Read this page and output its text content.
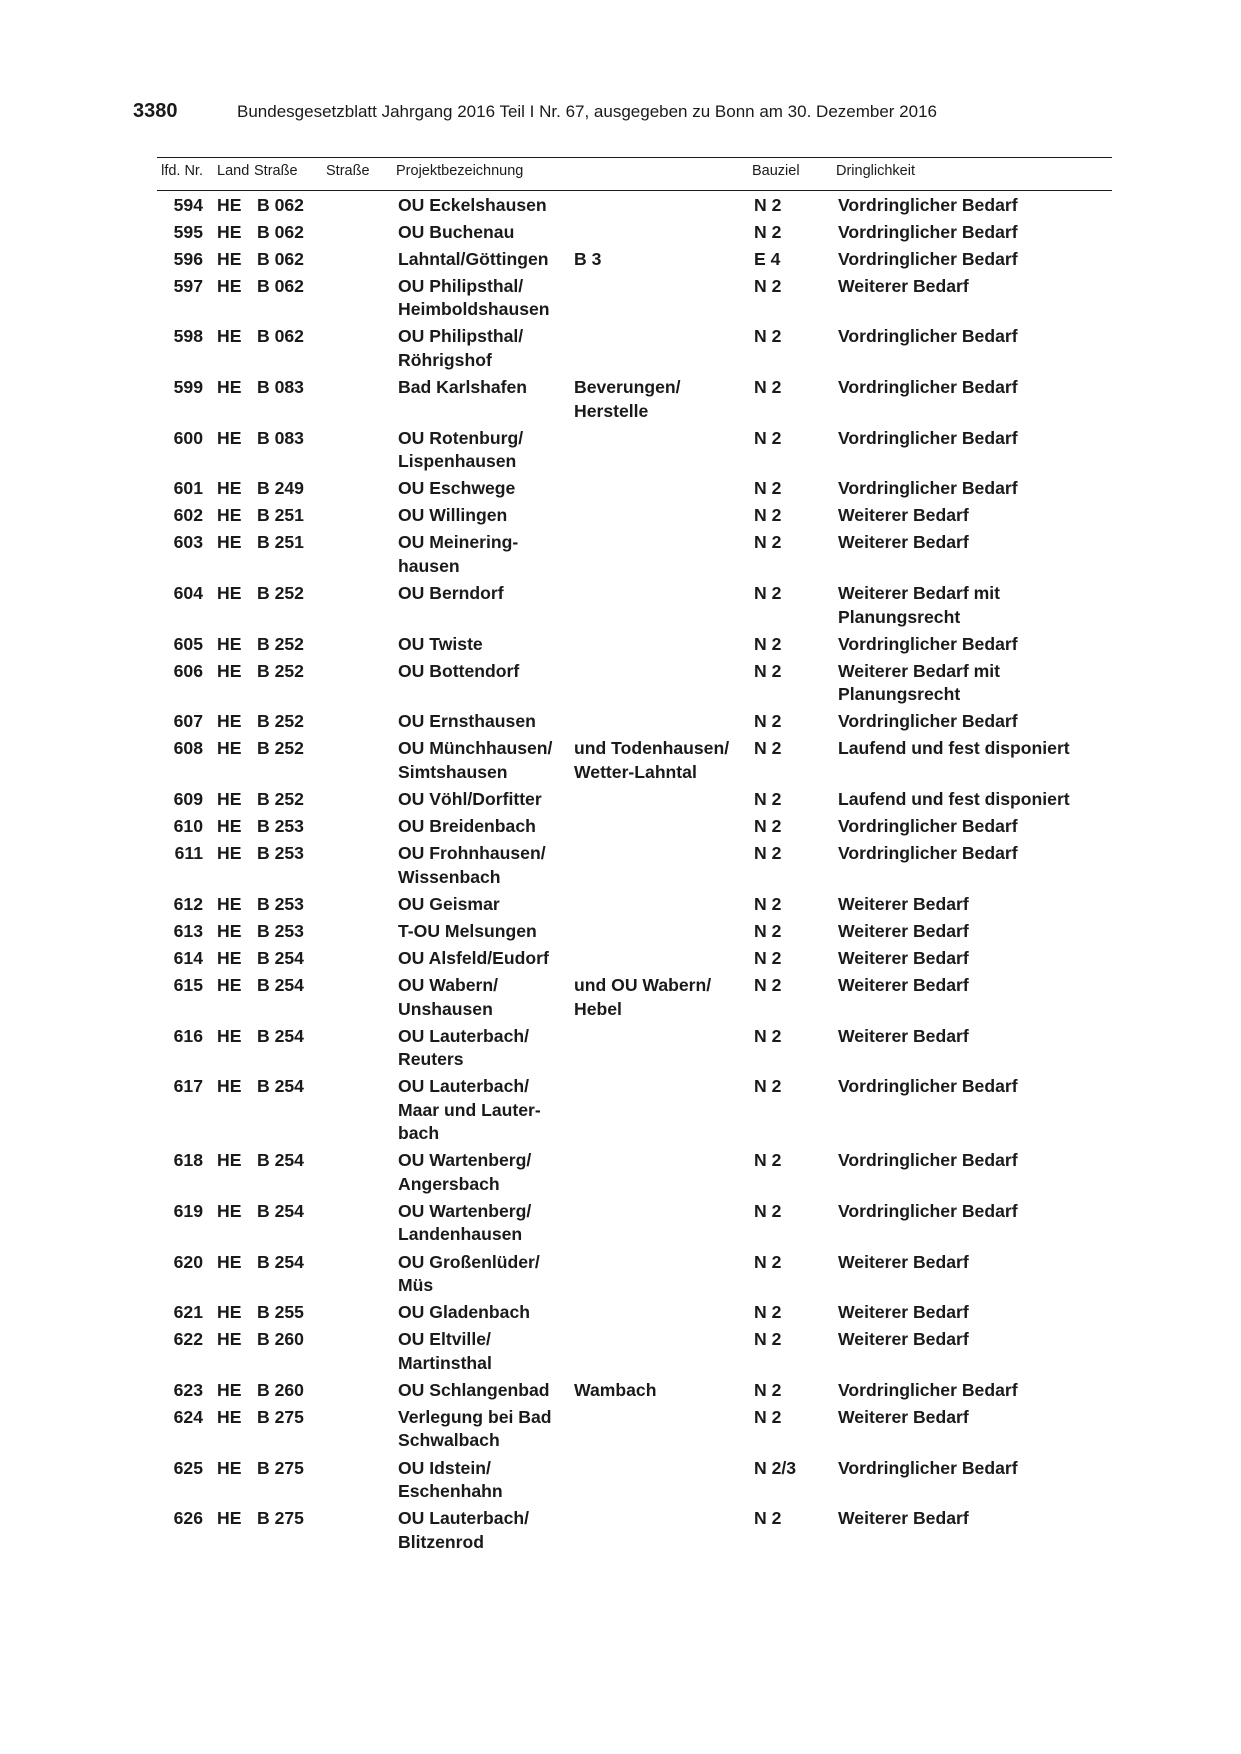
3380	Bundesgesetzblatt Jahrgang 2016 Teil I Nr. 67, ausgegeben zu Bonn am 30. Dezember 2016
lfd. Nr.	Land	Straße	Straße	Projektbezeichnung		Bauziel	Dringlichkeit
594	HE	B 062		OU Eckelshausen		N 2	Vordringlicher Bedarf
595	HE	B 062		OU Buchenau		N 2	Vordringlicher Bedarf
596	HE	B 062		Lahntal/Göttingen	B 3	E 4	Vordringlicher Bedarf
597	HE	B 062		OU Philipsthal/ Heimboldshausen		N 2	Weiterer Bedarf
598	HE	B 062		OU Philipsthal/ Röhrigshof		N 2	Vordringlicher Bedarf
599	HE	B 083		Bad Karlshafen	Beverungen/ Herstelle	N 2	Vordringlicher Bedarf
600	HE	B 083		OU Rotenburg/ Lispenhausen		N 2	Vordringlicher Bedarf
601	HE	B 249		OU Eschwege		N 2	Vordringlicher Bedarf
602	HE	B 251		OU Willingen		N 2	Weiterer Bedarf
603	HE	B 251		OU Meinering- hausen		N 2	Weiterer Bedarf
604	HE	B 252		OU Berndorf		N 2	Weiterer Bedarf mit Planungsrecht
605	HE	B 252		OU Twiste		N 2	Vordringlicher Bedarf
606	HE	B 252		OU Bottendorf		N 2	Weiterer Bedarf mit Planungsrecht
607	HE	B 252		OU Ernsthausen		N 2	Vordringlicher Bedarf
608	HE	B 252		OU Münchhausen/ Simtshausen	und Todenhausen/ Wetter-Lahntal	N 2	Laufend und fest disponiert
609	HE	B 252		OU Vöhl/Dorfitter		N 2	Laufend und fest disponiert
610	HE	B 253		OU Breidenbach		N 2	Vordringlicher Bedarf
611	HE	B 253		OU Frohnhausen/ Wissenbach		N 2	Vordringlicher Bedarf
612	HE	B 253		OU Geismar		N 2	Weiterer Bedarf
613	HE	B 253		T-OU Melsungen		N 2	Weiterer Bedarf
614	HE	B 254		OU Alsfeld/Eudorf		N 2	Weiterer Bedarf
615	HE	B 254		OU Wabern/ Unshausen	und OU Wabern/ Hebel	N 2	Weiterer Bedarf
616	HE	B 254		OU Lauterbach/ Reuters		N 2	Weiterer Bedarf
617	HE	B 254		OU Lauterbach/ Maar und Lauter- bach		N 2	Vordringlicher Bedarf
618	HE	B 254		OU Wartenberg/ Angersbach		N 2	Vordringlicher Bedarf
619	HE	B 254		OU Wartenberg/ Landenhausen		N 2	Vordringlicher Bedarf
620	HE	B 254		OU Großenlüder/ Müs		N 2	Weiterer Bedarf
621	HE	B 255		OU Gladenbach		N 2	Weiterer Bedarf
622	HE	B 260		OU Eltville/ Martinsthal		N 2	Weiterer Bedarf
623	HE	B 260		OU Schlangenbad	Wambach	N 2	Vordringlicher Bedarf
624	HE	B 275		Verlegung bei Bad Schwalbach		N 2	Weiterer Bedarf
625	HE	B 275		OU Idstein/ Eschenhahn		N 2/3	Vordringlicher Bedarf
626	HE	B 275		OU Lauterbach/ Blitzenrod		N 2	Weiterer Bedarf
